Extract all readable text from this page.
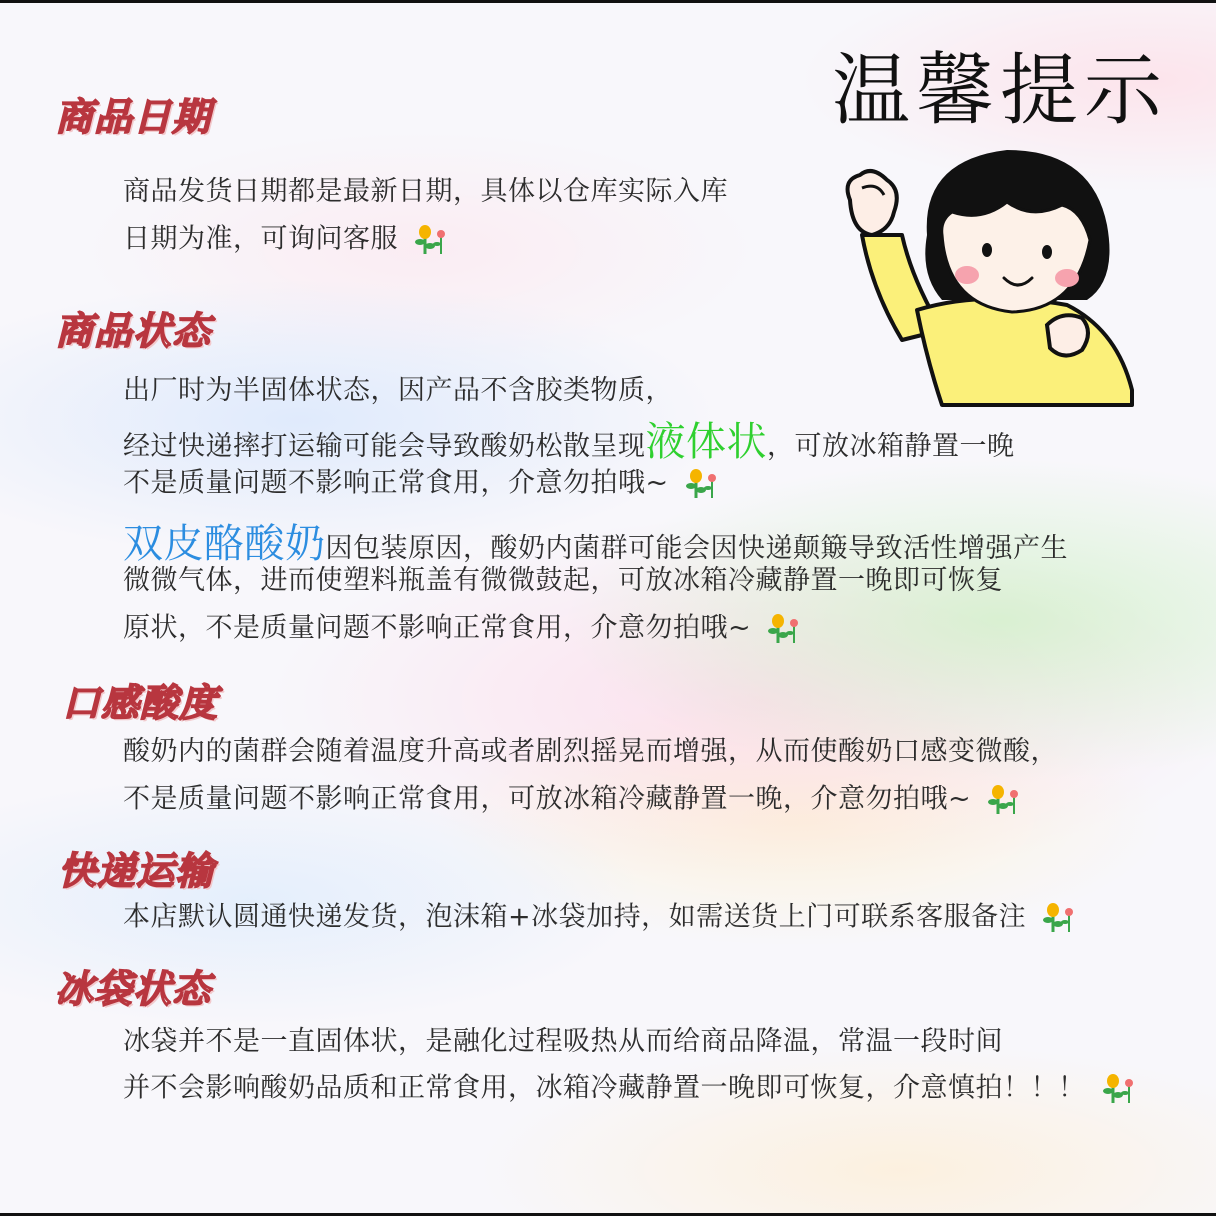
温馨提示
商品日期
商品发货日期都是最新日期，具体以仓库实际入库
日期为准，可询问客服
商品状态
出厂时为半固体状态，因产品不含胶类物质，
经过快递摔打运输可能会导致酸奶松散呈现液体状，可放冰箱静置一晚
不是质量问题不影响正常食用，介意勿拍哦~
双皮酪酸奶因包装原因，酸奶内菌群可能会因快递颠簸导致活性增强产生
微微气体，进而使塑料瓶盖有微微鼓起，可放冰箱冷藏静置一晚即可恢复
原状，不是质量问题不影响正常食用，介意勿拍哦~
口感酸度
酸奶内的菌群会随着温度升高或者剧烈摇晃而增强，从而使酸奶口感变微酸，
不是质量问题不影响正常食用，可放冰箱冷藏静置一晚，介意勿拍哦~
快递运输
本店默认圆通快递发货，泡沫箱+冰袋加持，如需送货上门可联系客服备注
冰袋状态
冰袋并不是一直固体状，是融化过程吸热从而给商品降温，常温一段时间
并不会影响酸奶品质和正常食用，冰箱冷藏静置一晚即可恢复，介意慎拍！！！
